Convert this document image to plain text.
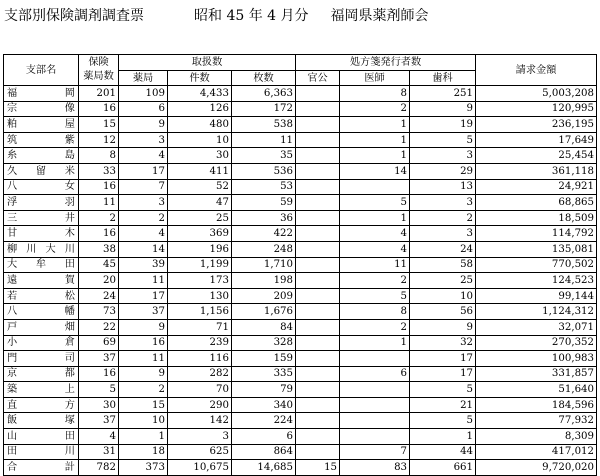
支部別保険調剤調査票	昭和 45 年 4 月分 福岡県薬剤師会
支部名	保険
薬局数	取扱数			処方箋発行者数			請求金額
		薬局	件数	枚数	官公	医師	歯科	
福岡	201	109	4,433	6,363		8	251	5,003,208
宗像	16	6	126	172		2	9	120,995
粕屋	15	9	480	538		1	19	236,195
筑紫	12	3	10	11		1	5	17,649
糸島	8	4	30	35		1	3	25,454
久留米	33	17	411	536		14	29	361,118
八女	16	7	52	53			13	24,921
浮羽	11	3	47	59		5	3	68,865
三井	2	2	25	36		1	2	18,509
甘木	16	4	369	422		4	3	114,792
柳川大川	38	14	196	248		4	24	135,081
大牟田	45	39	1,199	1,710		11	58	770,502
遠賀	20	11	173	198		2	25	124,523
若松	24	17	130	209		5	10	99,144
八幡	73	37	1,156	1,676		8	56	1,124,312
戸畑	22	9	71	84		2	9	32,071
小倉	69	16	239	328		1	32	270,352
門司	37	11	116	159			17	100,983
京都	16	9	282	335		6	17	331,857
築上	5	2	70	79			5	51,640
直方	30	15	290	340			21	184,596
飯塚	37	10	142	224			5	77,932
山田	4	1	3	6			1	8,309
田川	31	18	625	864		7	44	417,012
合計	782	373	10,675	14,685	15	83	661	9,720,020
